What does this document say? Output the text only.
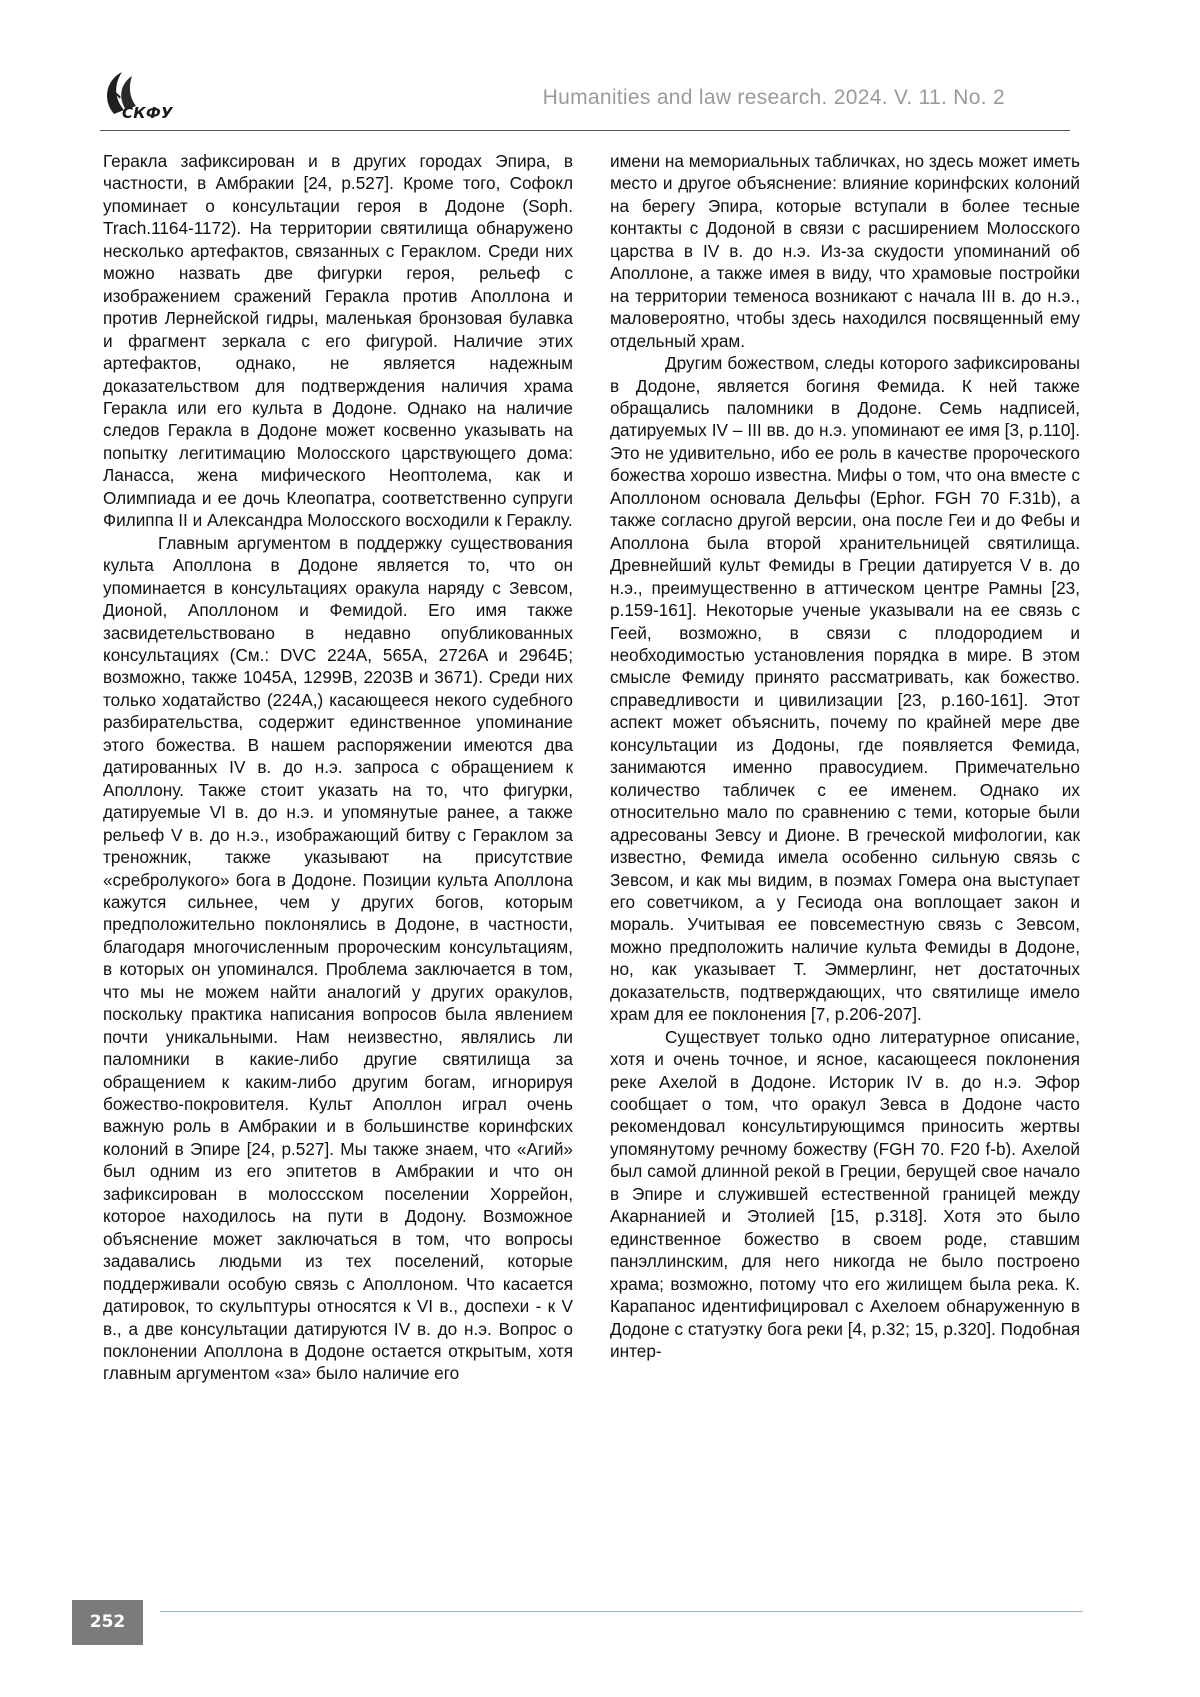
СКФУ
Humanities and law research. 2024. V. 11. No. 2

Геракла зафиксирован и в других городах Эпира, в частности, в Амбракии [24, p.527]. Кроме того, Софокл упоминает о консультации героя в Додоне (Soph. Trach.1164-1172). На территории святилища обнаружено несколько артефактов, связанных с Гераклом. Среди них можно назвать две фигурки героя, рельеф с изображением сражений Геракла против Аполлона и против Лернейской гидры, маленькая бронзовая булавка и фрагмент зеркала с его фигурой. Наличие этих артефактов, однако, не является надежным доказательством для подтверждения наличия храма Геракла или его культа в Додоне. Однако на наличие следов Геракла в Додоне может косвенно указывать на попытку легитимацию Молосского царствующего дома: Ланасса, жена мифического Неоптолема, как и Олимпиада и ее дочь Клеопатра, соответственно супруги Филиппа II и Александра Молосского восходили к Гераклу.

Главным аргументом в поддержку существования культа Аполлона в Додоне является то, что он упоминается в консультациях оракула наряду с Зевсом, Дионой, Аполлоном и Фемидой. Его имя также засвидетельствовано в недавно опубликованных консультациях (См.: DVC 224A, 565A, 2726A и 2964Б; возможно, также 1045A, 1299B, 2203B и 3671). Среди них только ходатайство (224A,) касающееся некого судебного разбирательства, содержит единственное упоминание этого божества. В нашем распоряжении имеются два датированных IV в. до н.э. запроса с обращением к Аполлону. Также стоит указать на то, что фигурки, датируемые VI в. до н.э. и упомянутые ранее, а также рельеф V в. до н.э., изображающий битву с Гераклом за треножник, также указывают на присутствие «сребролукого» бога в Додоне. Позиции культа Аполлона кажутся сильнее, чем у других богов, которым предположительно поклонялись в Додоне, в частности, благодаря многочисленным пророческим консультациям, в которых он упоминался. Проблема заключается в том, что мы не можем найти аналогий у других оракулов, поскольку практика написания вопросов была явлением почти уникальными. Нам неизвестно, являлись ли паломники в какие-либо другие святилища за обращением к каким-либо другим богам, игнорируя божество-покровителя. Культ Аполлон играл очень важную роль в Амбракии и в большинстве коринфских колоний в Эпире [24, p.527]. Мы также знаем, что «Агий» был одним из его эпитетов в Амбракии и что он зафиксирован в молосcском поселении Хоррейон, которое находилось на пути в Додону. Возможное объяснение может заключаться в том, что вопросы задавались людьми из тех поселений, которые поддерживали особую связь с Аполлоном. Что касается датировок, то скульптуры относятся к VI в., доспехи - к V в., а две консультации датируются IV в. до н.э. Вопрос о поклонении Аполлона в Додоне остается открытым, хотя главным аргументом «за» было наличие его

имени на мемориальных табличках, но здесь может иметь место и другое объяснение: влияние коринфских колоний на берегу Эпира, которые вступали в более тесные контакты с Додоной в связи с расширением Молосского царства в IV в. до н.э. Из-за скудости упоминаний об Аполлоне, а также имея в виду, что храмовые постройки на территории теменоса возникают с начала III в. до н.э., маловероятно, чтобы здесь находился посвященный ему отдельный храм.

Другим божеством, следы которого зафиксированы в Додоне, является богиня Фемида. К ней также обращались паломники в Додоне. Семь надписей, датируемых IV – III вв. до н.э. упоминают ее имя [3, p.110]. Это не удивительно, ибо ее роль в качестве пророческого божества хорошо известна. Мифы о том, что она вместе с Аполлоном основала Дельфы (Ephor. FGH 70 F.31b), а также согласно другой версии, она после Геи и до Фебы и Аполлона была второй хранительницей святилища. Древнейший культ Фемиды в Греции датируется V в. до н.э., преимущественно в аттическом центре Рамны [23, p.159-161]. Некоторые ученые указывали на ее связь с Геей, возможно, в связи с плодородием и необходимостью установления порядка в мире. В этом смысле Фемиду принято рассматривать, как божество. справедливости и цивилизации [23, p.160-161]. Этот аспект может объяснить, почему по крайней мере две консультации из Додоны, где появляется Фемида, занимаются именно правосудием. Примечательно количество табличек с ее именем. Однако их относительно мало по сравнению с теми, которые были адресованы Зевсу и Дионе. В греческой мифологии, как известно, Фемида имела особенно сильную связь с Зевсом, и как мы видим, в поэмах Гомера она выступает его советчиком, а у Гесиода она воплощает закон и мораль. Учитывая ее повсеместную связь с Зевсом, можно предположить наличие культа Фемиды в Додоне, но, как указывает Т. Эммерлинг, нет достаточных доказательств, подтверждающих, что святилище имело храм для ее поклонения [7, p.206-207].

Существует только одно литературное описание, хотя и очень точное, и ясное, касающееся поклонения реке Ахелой в Додоне. Историк IV в. до н.э. Эфор сообщает о том, что оракул Зевса в Додоне часто рекомендовал консультирующимся приносить жертвы упомянутому речному божеству (FGH 70. F20 f-b). Ахелой был самой длинной рекой в Греции, берущей свое начало в Эпире и служившей естественной границей между Акарнанией и Этолией [15, p.318]. Хотя это было единственное божество в своем роде, ставшим панэллинским, для него никогда не было построено храма; возможно, потому что его жилищем была река. К. Карапанос идентифицировал с Ахелоем обнаруженную в Додоне с статуэтку бога реки [4, p.32; 15, p.320]. Подобная интер-

252
